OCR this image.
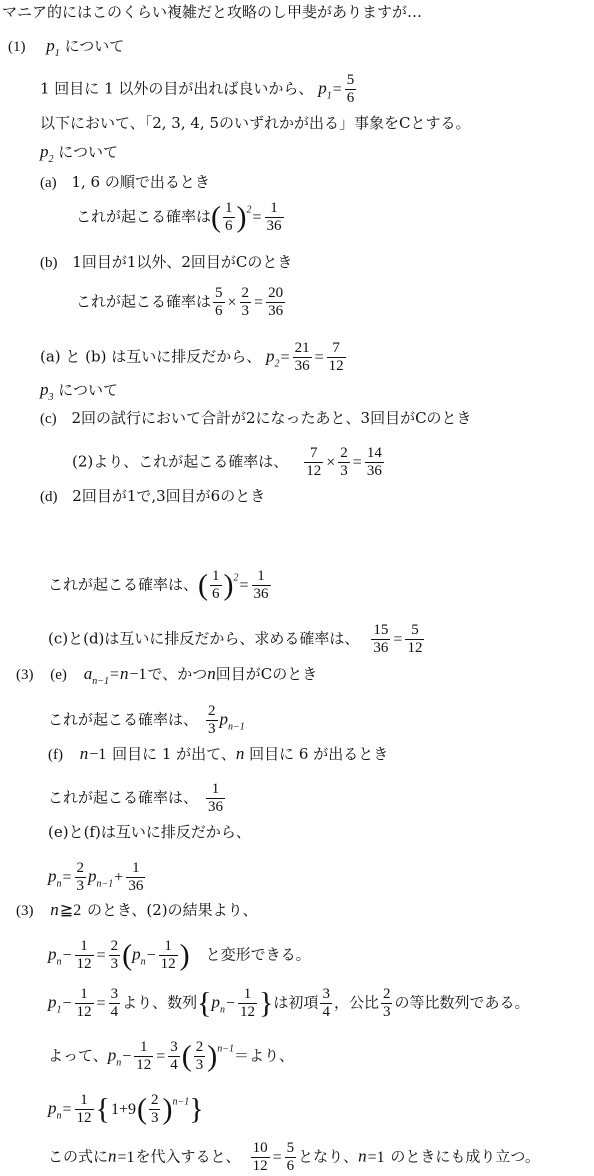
マニア的にはこのくらい複雑だと攻略のし甲斐がありますが…
(1) $p_1$ について
1 回目に 1 以外の目が出れば良いから、 $p_1= \frac{5}{6}$
以下において、「2, 3, 4, 5のいずれかが出る」事象をCとする。
$p_2$ について
(a) 1, 6 の順で出るとき
これが起こる確率は( $\frac{1}{6} )^2= \frac{1}{36}$
(b) 1回目が1以外、2回目がCのとき
これが起こる確率は $\frac{5}{6} \times \frac{2}{3} = \frac{20}{36}$
(a) と (b) は互いに排反だから、 $p_2= \frac{21}{36} = \frac{7}{12}$
$p_3$ について
(c) 2回の試行において合計が2になったあと、3回目がCのとき
(2)より、これが起こる確率は、 $\frac{7}{12} \times \frac{2}{3} = \frac{14}{36}$
(d) 2回目が1で,3回目が6のとき
これが起こる確率は、( $\frac{1}{6} )^2= \frac{1}{36}$
(c)と(d)は互いに排反だから、求める確率は、 $\frac{15}{36} = \frac{5}{12}$
(3) (e) $a_{n-1}=n-1$で、かつn回目がCのとき
これが起こる確率は、 $\frac{2}{3} p_{n-1}$
(f) n−1 回目に 1 が出て、n 回目に 6 が出るとき
これが起こる確率は、 $\frac{1}{36}$
(e)と(f)は互いに排反だから、
$p_n= \frac{2}{3} p_{n-1}+ \frac{1}{36}$
(3) n≧2 のとき、(2)の結果より、
$p_n- \frac{1}{12} = \frac{2}{3} (p_n- \frac{1}{12}$ ) と変形できる。
$p_1- \frac{1}{12} = \frac{3}{4}$ より、数列{$p_n- \frac{1}{12}$ }は初項 $\frac{3}{4}$ ，公比 $\frac{2}{3}$ の等比数列である。
よって、$p_n- \frac{1}{12} = \frac{3}{4}$ ( $\frac{2}{3} )^{n-1}=$より、
$p_n= \frac{1}{12} \{1+9( \frac{2}{3} )^{n-1}\}$
この式にn=1を代入すると、 $\frac{10}{12} = \frac{5}{6}$ となり、n=1 のときにも成り立つ。
